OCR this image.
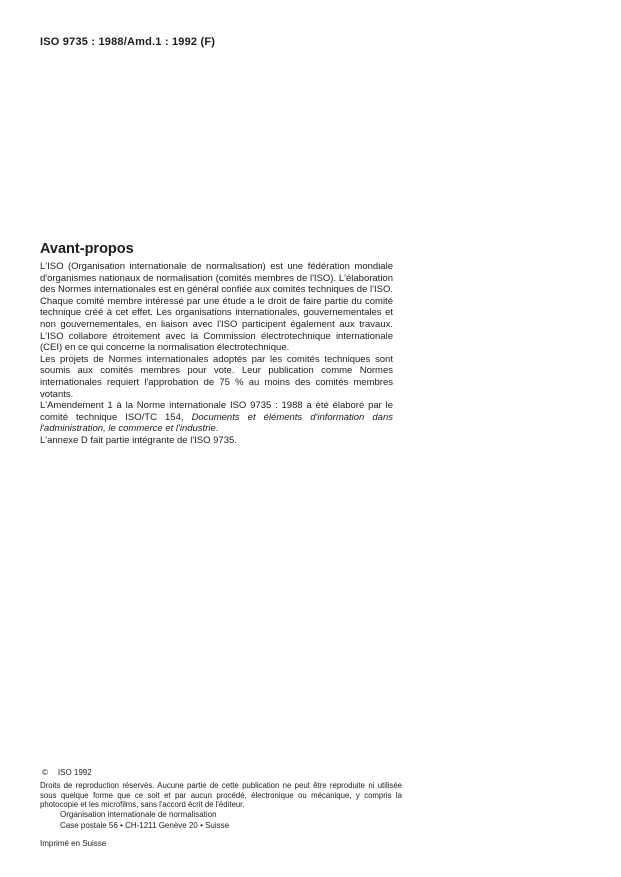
ISO 9735 : 1988/Amd.1 : 1992 (F)
Avant-propos

L'ISO (Organisation internationale de normalisation) est une fédération mondiale d'organismes nationaux de normalisation (comités membres de l'ISO). L'élaboration des Normes internationales est en général confiée aux comités techniques de l'ISO. Chaque comité membre intéressé par une étude a le droit de faire partie du comité technique créé à cet effet. Les organisations internationales, gouvernementales et non gouvernementales, en liaison avec l'ISO participent également aux travaux. L'ISO collabore étroitement avec la Commission électrotechnique internationale (CEI) en ce qui concerne la normalisation électrotechnique.

Les projets de Normes internationales adoptés par les comités techniques sont soumis aux comités membres pour vote. Leur publication comme Normes internationales requiert l'approbation de 75 % au moins des comités membres votants.

L'Amendement 1 à la Norme internationale ISO 9735 : 1988 a été élaboré par le comité technique ISO/TC 154, Documents et éléments d'information dans l'administration, le commerce et l'industrie.

L'annexe D fait partie intégrante de l'ISO 9735.

© ISO 1992
Droits de reproduction réservés. Aucune partie de cette publication ne peut être reproduite ni utilisée sous quelque forme que ce soit et par aucun procédé, électronique ou mécanique, y compris la photocopie et les microfilms, sans l'accord écrit de l'éditeur.
Organisation internationale de normalisation
Case postale 56 • CH-1211 Genève 20 • Suisse
Imprimé en Suisse
